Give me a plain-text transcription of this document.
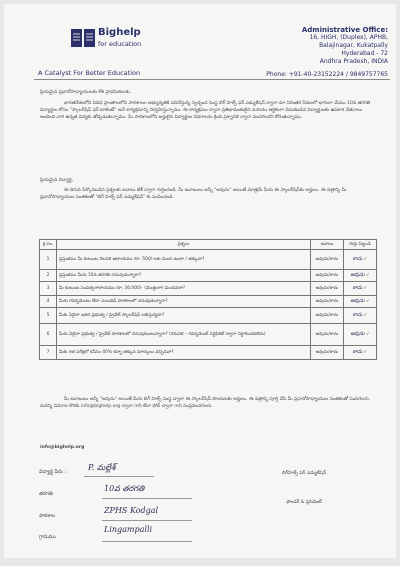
Bighelp
for education
A Catalyst For Better Education
Administrative Office:
16, HIGH, (Duplex), APHB,
Balajinagar, Kukatpally
Hyderabad - 72
Andhra Pradesh, INDIA
Phone: +91-40-23152224 / 9849757765
ప్రియమైన ప్రధానోపాధ్యాయులకు లేక ప్రాథమికులకు,
భారతదేశంలోని వివిధ ప్రాంతాలలోని పాఠశాలల అభ్యున్నతికి పనిచేస్తున్న స్వచ్ఛంద సంస్థ బిగ్ హెల్ప్ ఫర్ ఎడ్యుకేషన్ ద్వారా మా నిరంతర సేవలలో భాగంగా మేము 10వ తరగతి విద్యార్థుల కోసం "స్కాలర్‌షిప్ ఫర్ టాలెంట్" అనే కార్యక్రమాన్ని నిర్వహిస్తున్నాము. ఈ కార్యక్రమం ద్వారా ప్రతిభావంతులైన మరియు ఆర్థికంగా వెనుకబడిన విద్యార్థులకు ఉపకార వేతనాలు అందించి వారి ఉన్నత విద్యకు తోడ్పడుతున్నాము. మీ పాఠశాలలోని అర్హులైన విద్యార్థుల వివరాలను క్రింది ప్రశ్నావళి ద్వారా పంపగలరని కోరుతున్నాము.
ప్రియమైన విద్యార్థి,
ఈ దిగువ పేర్కొనబడిన ప్రశ్నలకు జవాబు టిక్ ద్వారా గుర్తించండి. మీ జవాబులు అన్నీ "అవును" అయితే మాత్రమే మీరు ఈ స్కాలర్‌షిప్‌కు అర్హులు. ఈ పత్రాన్ని మీ ప్రధానోపాధ్యాయుల సంతకంతో "బిగ్ హెల్ప్ ఫర్ ఎడ్యుకేషన్" కు పంపించండి.
క్ర.సం.	ప్రశ్నలు	జవాబు	గుర్తు పెట్టండి
1	ప్రస్తుతము మీ కుటుంబ నెలసరి ఆదాయము రూ. 500/-లకు మించి ఉందా / తక్కువా?	అవును/కాదు	కాదు ✓
2	ప్రస్తుతము మీరు 10వ తరగతి చదువుచున్నారా?	అవును/కాదు	అవును ✓
3	మీ కుటుంబ సంవత్సరాదాయము రూ. 36,000/- (మొత్తంగా) మించినదా?	అవును/కాదు	కాదు ✓
4	మీరు గవర్నమెంటు లేదా ఎయిడెడ్ పాఠశాలలో చదువుతున్నారా?	అవును/కాదు	అవును ✓
5	మీకు ఏదైనా ఇతర ప్రభుత్వ / ప్రైవేట్ స్కాలర్‌షిప్ లభిస్తున్నదా?	అవును/కాదు	కాదు ✓
6	మీరు ఏదైనా ప్రభుత్వ / ప్రైవేట్ పాఠశాలలో చదువుకుంటున్నారా? (గమనిక – గవర్నమెంట్ సర్టిఫికెట్ ద్వారా నిర్ధారించవలెను)	అవును/కాదు	అవును ✓
7	మీకు గత పరీక్షలో కనీసం 40% కన్నా తక్కువ మార్కులు వచ్చినవా?	అవును/కాదు	కాదు ✓
మీ జవాబులు అన్నీ "అవును" అయితే మీరు బిగ్ హెల్ప్ సంస్థ ద్వారా ఈ స్కాలర్‌షిప్ పొందుటకు అర్హులు. ఈ పత్రాన్ని పూర్తి చేసి మీ ప్రధానోపాధ్యాయుల సంతకంతో పంపగలరు. మరిన్ని వివరాల కొరకు info@bighelp.org ద్వారా గాని లేదా ఫోన్ ద్వారా గాని సంప్రదించగలరు.
info@bighelp.org
విద్యార్థి పేరు :	P. మల్లేశ్
తరగతి
10వ తరగతి
పాఠశాల
ZPHS Kodgal
గ్రామము
Lingampalli
బిగ్‌హెల్ప్ ఫర్ ఎడ్యుకేషన్
ఫౌండర్ & ప్రెసిడెంట్
